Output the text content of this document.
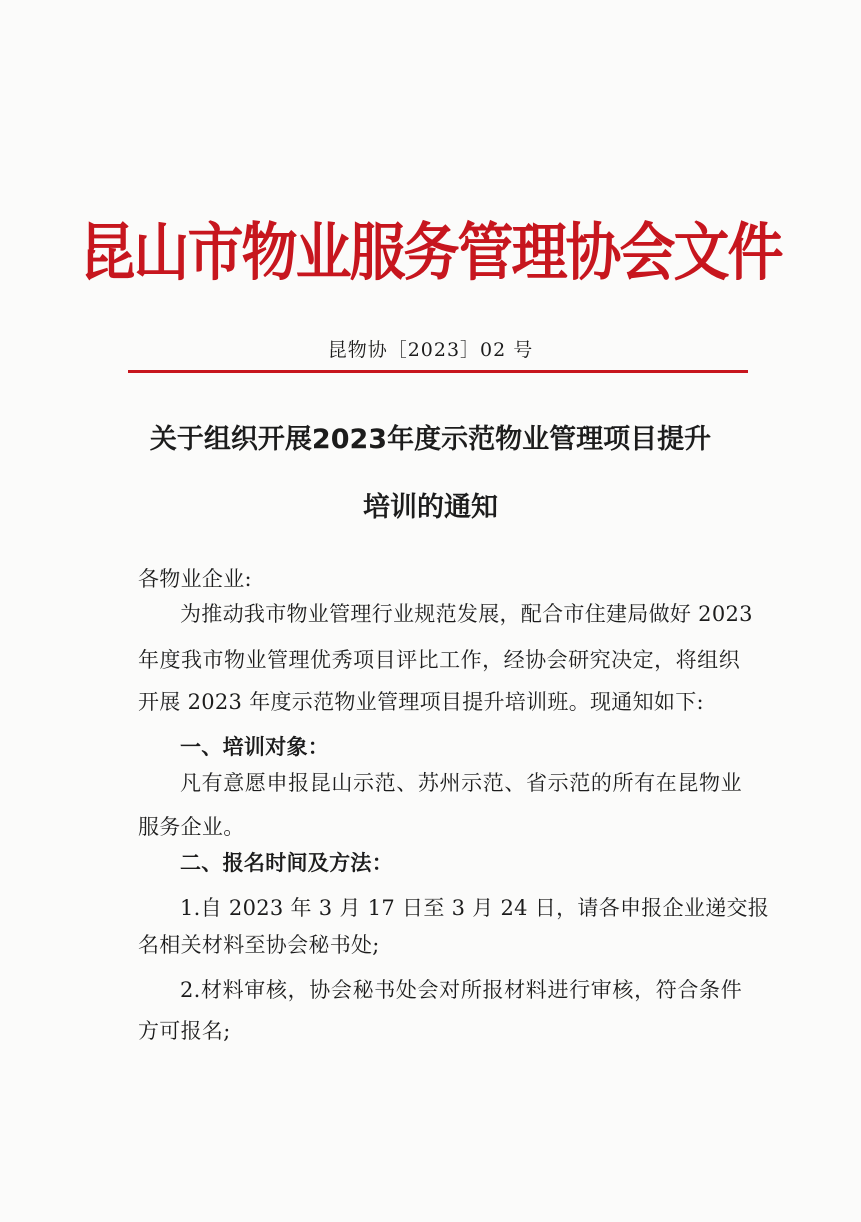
昆山市物业服务管理协会文件
昆物协［2023］02 号
关于组织开展2023年度示范物业管理项目提升
培训的通知
各物业企业:
为推动我市物业管理行业规范发展，配合市住建局做好 2023
年度我市物业管理优秀项目评比工作，经协会研究决定，将组织
开展 2023 年度示范物业管理项目提升培训班。现通知如下:
一、培训对象：
凡有意愿申报昆山示范、苏州示范、省示范的所有在昆物业
服务企业。
二、报名时间及方法：
1.自 2023 年 3 月 17 日至 3 月 24 日，请各申报企业递交报
名相关材料至协会秘书处;
2.材料审核，协会秘书处会对所报材料进行审核，符合条件
方可报名;
